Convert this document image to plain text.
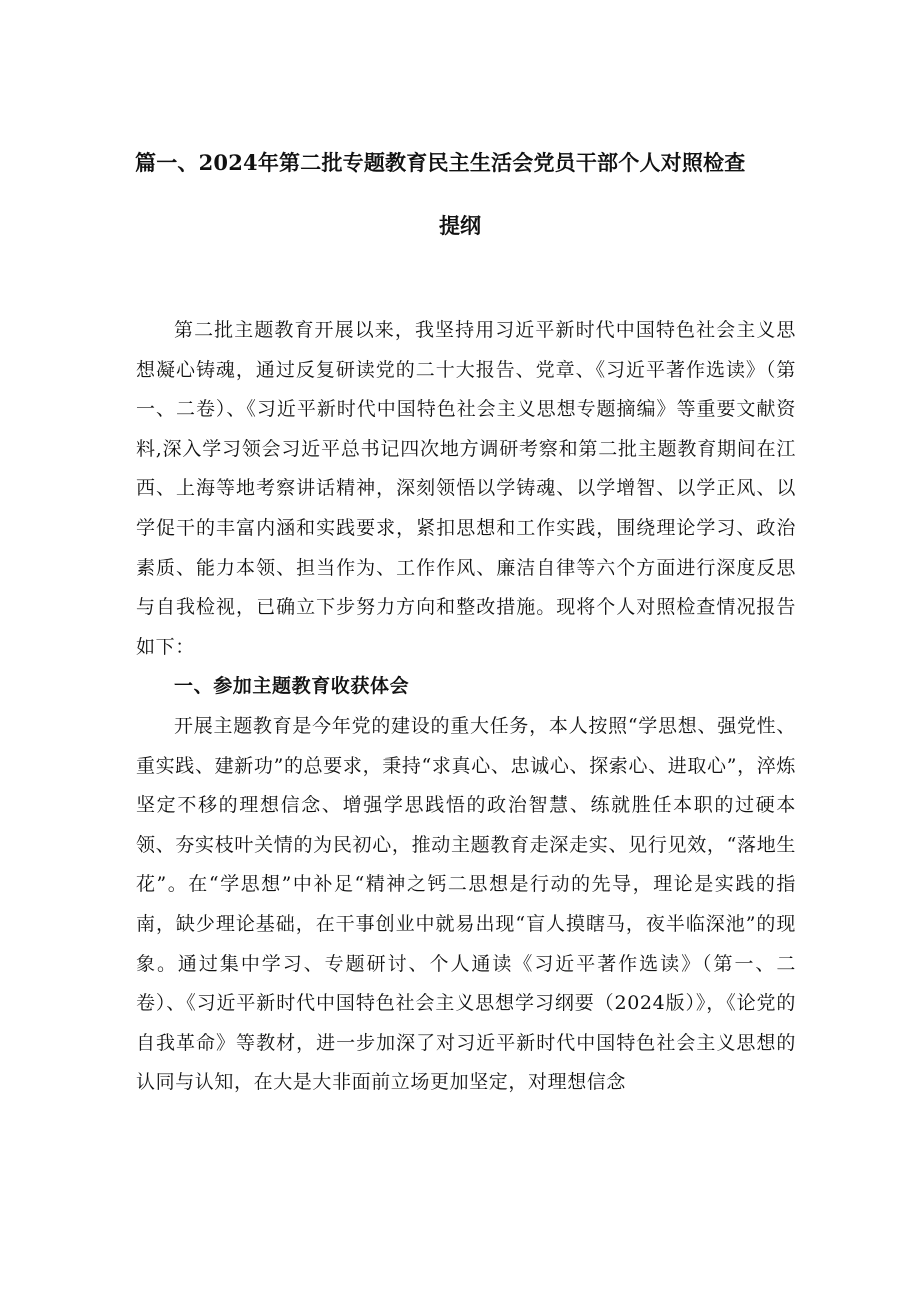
篇一、2024年第二批专题教育民主生活会党员干部个人对照检查
提纲

第二批主题教育开展以来，我坚持用习近平新时代中国特色社会主义思想凝心铸魂，通过反复研读党的二十大报告、党章、《习近平著作选读》（第一、二卷）、《习近平新时代中国特色社会主义思想专题摘编》等重要文献资料,深入学习领会习近平总书记四次地方调研考察和第二批主题教育期间在江西、上海等地考察讲话精神，深刻领悟以学铸魂、以学增智、以学正风、以学促干的丰富内涵和实践要求，紧扣思想和工作实践，围绕理论学习、政治素质、能力本领、担当作为、工作作风、廉洁自律等六个方面进行深度反思与自我检视，已确立下步努力方向和整改措施。现将个人对照检查情况报告如下：

一、参加主题教育收获体会

开展主题教育是今年党的建设的重大任务，本人按照“学思想、强党性、重实践、建新功”的总要求，秉持“求真心、忠诚心、探索心、进取心”，淬炼坚定不移的理想信念、增强学思践悟的政治智慧、练就胜任本职的过硬本领、夯实枝叶关情的为民初心，推动主题教育走深走实、见行见效，“落地生花”。在“学思想”中补足“精神之钙二思想是行动的先导，理论是实践的指南，缺少理论基础，在干事创业中就易出现“盲人摸瞎马，夜半临深池”的现象。通过集中学习、专题研讨、个人通读《习近平著作选读》（第一、二卷）、《习近平新时代中国特色社会主义思想学习纲要（2024版）》，《论党的自我革命》等教材，进一步加深了对习近平新时代中国特色社会主义思想的认同与认知，在大是大非面前立场更加坚定，对理想信念
